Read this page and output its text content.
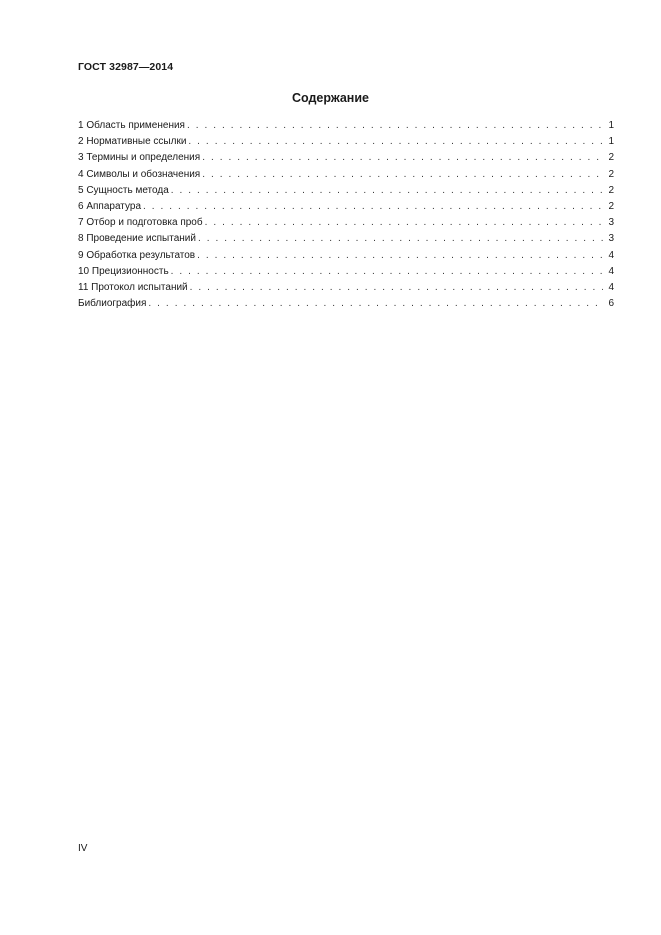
ГОСТ 32987—2014
Содержание
1 Область применения . . .	1
2 Нормативные ссылки . . .	1
3 Термины и определения . . .	2
4 Символы и обозначения . . .	2
5 Сущность метода . . .	2
6 Аппаратура . . .	2
7 Отбор и подготовка проб . . .	3
8 Проведение испытаний . . .	3
9 Обработка результатов . . .	4
10 Прецизионность . . .	4
11 Протокол испытаний . . .	4
Библиография . . .	6
IV
